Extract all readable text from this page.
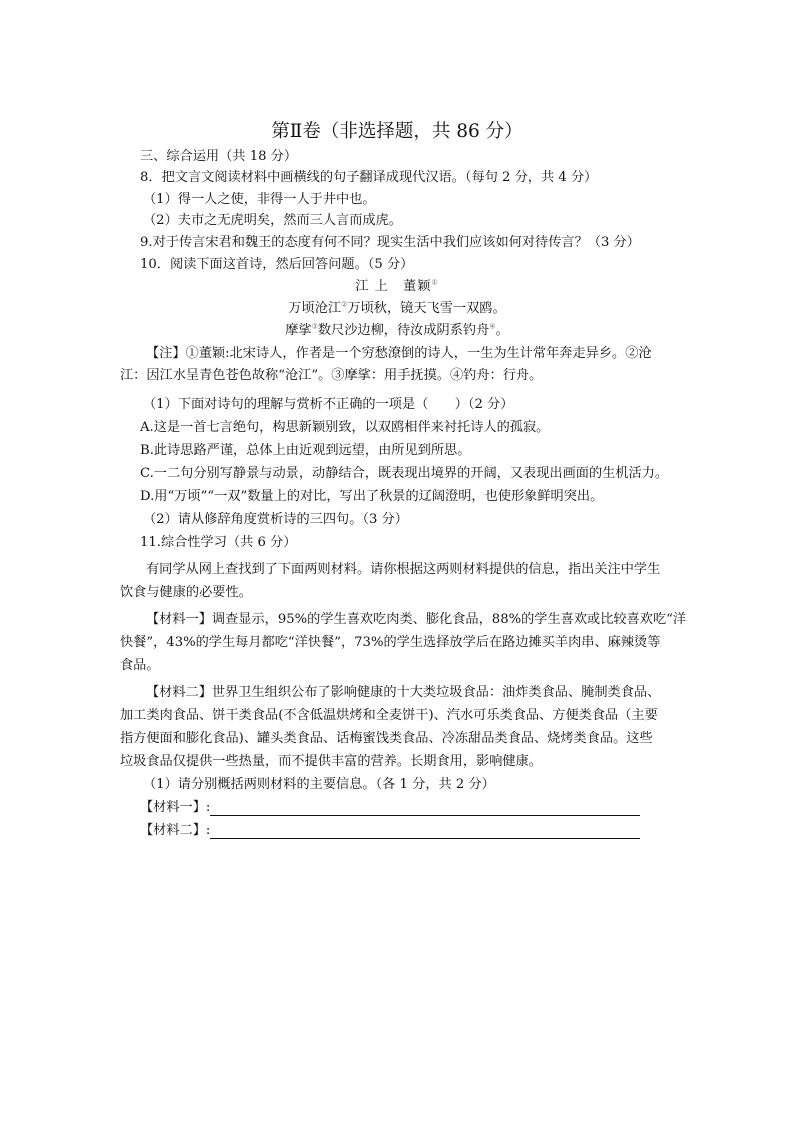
第Ⅱ卷（非选择题，共 86 分）
三、综合运用（共 18 分）
8．把文言文阅读材料中画横线的句子翻译成现代汉语。（每句 2 分，共 4 分）
（1）得一人之使，非得一人于井中也。
（2）夫市之无虎明矣，然而三人言而成虎。
9.对于传言宋君和魏王的态度有何不同？现实生活中我们应该如何对待传言？（3 分）
10．阅读下面这首诗，然后回答问题。（5 分）
江 上　董颖①
万顷沧江②万顷秋，镜天飞雪一双鸥。
摩挲③数尺沙边柳，待汝成阴系钓舟④。
【注】①董颖:北宋诗人，作者是一个穷愁潦倒的诗人，一生为生计常年奔走异乡。②沧
江：因江水呈青色苍色故称“沧江”。③摩挲：用手抚摸。④钓舟：行舟。
（1）下面对诗句的理解与赏析不正确的一项是（　　）（2 分）
A.这是一首七言绝句，构思新颖别致，以双鸥相伴来衬托诗人的孤寂。
B.此诗思路严谨，总体上由近观到远望，由所见到所思。
C.一二句分别写静景与动景，动静结合，既表现出境界的开阔，又表现出画面的生机活力。
D.用“万顷”“一双”数量上的对比，写出了秋景的辽阔澄明，也使形象鲜明突出。
（2）请从修辞角度赏析诗的三四句。（3 分）
11.综合性学习（共 6 分）
有同学从网上查找到了下面两则材料。请你根据这两则材料提供的信息，指出关注中学生
饮食与健康的必要性。
【材料一】调查显示，95%的学生喜欢吃肉类、膨化食品，88%的学生喜欢或比较喜欢吃“洋
快餐”，43%的学生每月都吃“洋快餐”，73%的学生选择放学后在路边摊买羊肉串、麻辣烫等
食品。
【材料二】世界卫生组织公布了影响健康的十大类垃圾食品：油炸类食品、腌制类食品、
加工类肉食品、饼干类食品(不含低温烘烤和全麦饼干)、汽水可乐类食品、方便类食品（主要
指方便面和膨化食品)、罐头类食品、话梅蜜饯类食品、冷冻甜品类食品、烧烤类食品。这些
垃圾食品仅提供一些热量，而不提供丰富的营养。长期食用，影响健康。
（1）请分别概括两则材料的主要信息。（各 1 分，共 2 分）
【材料一】:
【材料二】:
